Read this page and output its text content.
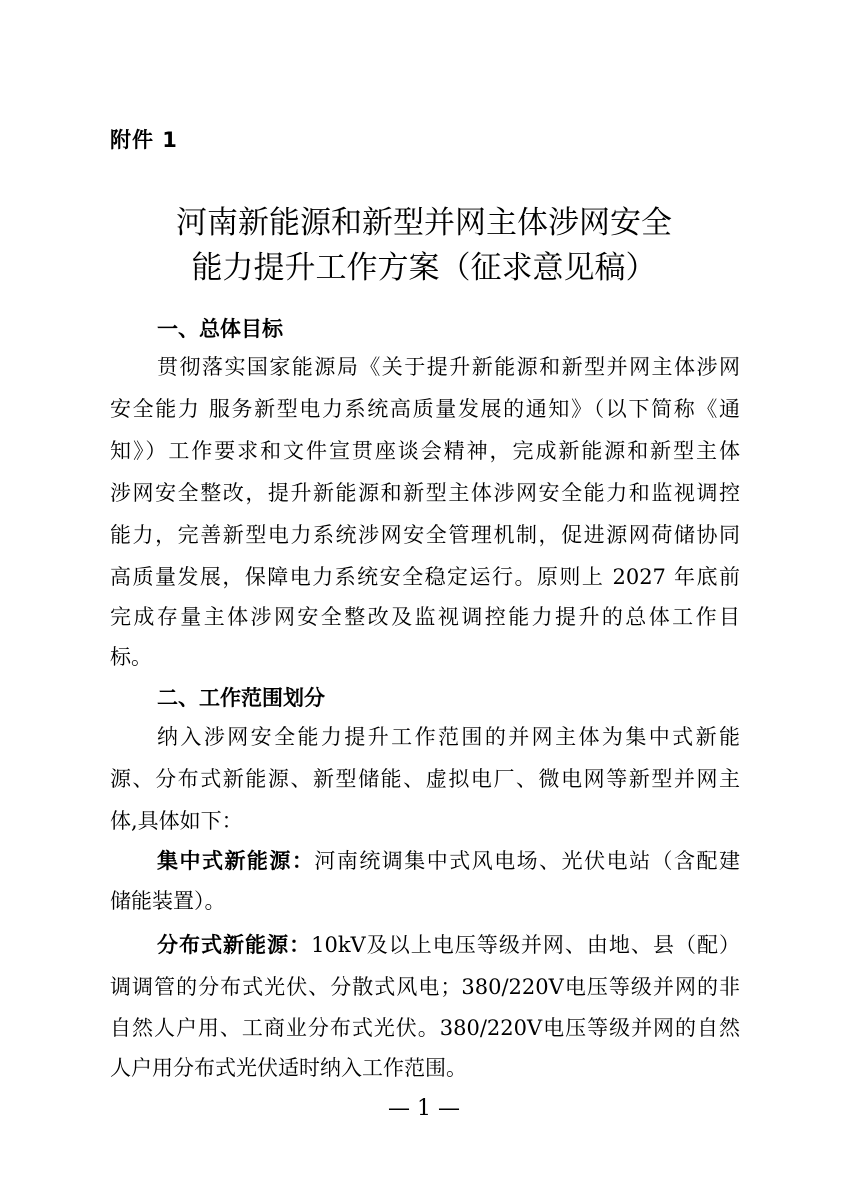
附件 1
河南新能源和新型并网主体涉网安全
能力提升工作方案（征求意见稿）
一、总体目标
贯彻落实国家能源局《关于提升新能源和新型并网主体涉网
安全能力 服务新型电力系统高质量发展的通知》（以下简称《通
知》）工作要求和文件宣贯座谈会精神，完成新能源和新型主体
涉网安全整改，提升新能源和新型主体涉网安全能力和监视调控
能力，完善新型电力系统涉网安全管理机制，促进源网荷储协同
高质量发展，保障电力系统安全稳定运行。原则上 2027 年底前
完成存量主体涉网安全整改及监视调控能力提升的总体工作目
标。
二、工作范围划分
纳入涉网安全能力提升工作范围的并网主体为集中式新能
源、分布式新能源、新型储能、虚拟电厂、微电网等新型并网主
体,具体如下：
集中式新能源：河南统调集中式风电场、光伏电站（含配建
储能装置）。
分布式新能源：10kV及以上电压等级并网、由地、县（配）
调调管的分布式光伏、分散式风电；380/220V电压等级并网的非
自然人户用、工商业分布式光伏。380/220V电压等级并网的自然
人户用分布式光伏适时纳入工作范围。
— 1 —
